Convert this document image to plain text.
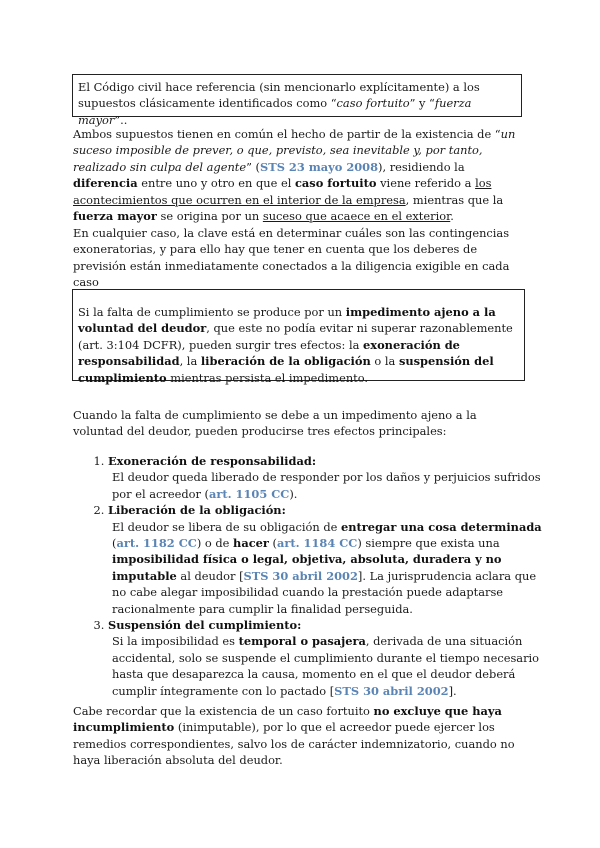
El Código civil hace referencia (sin mencionarlo explícitamente) a los supuestos clásicamente identificados como “caso fortuito” y “fuerza mayor”..

Ambos supuestos tienen en común el hecho de partir de la existencia de “un suceso imposible de prever, o que, previsto, sea inevitable y, por tanto, realizado sin culpa del agente” (STS 23 mayo 2008), residiendo la diferencia entre uno y otro en que el caso fortuito viene referido a los acontecimientos que ocurren en el interior de la empresa, mientras que la fuerza mayor se origina por un suceso que acaece en el exterior.

En cualquier caso, la clave está en determinar cuáles son las contingencias exoneratorias, y para ello hay que tener en cuenta que los deberes de previsión están inmediatamente conectados a la diligencia exigible en cada caso

Si la falta de cumplimiento se produce por un impedimento ajeno a la voluntad del deudor, que este no podía evitar ni superar razonablemente (art. 3:104 DCFR), pueden surgir tres efectos: la exoneración de responsabilidad, la liberación de la obligación o la suspensión del cumplimiento mientras persista el impedimento.

Cuando la falta de cumplimiento se debe a un impedimento ajeno a la voluntad del deudor, pueden producirse tres efectos principales:

1. Exoneración de responsabilidad:
El deudor queda liberado de responder por los daños y perjuicios sufridos por el acreedor (art. 1105 CC).
2. Liberación de la obligación:
El deudor se libera de su obligación de entregar una cosa determinada (art. 1182 CC) o de hacer (art. 1184 CC) siempre que exista una imposibilidad física o legal, objetiva, absoluta, duradera y no imputable al deudor [STS 30 abril 2002]. La jurisprudencia aclara que no cabe alegar imposibilidad cuando la prestación puede adaptarse racionalmente para cumplir la finalidad perseguida.
3. Suspensión del cumplimiento:
Si la imposibilidad es temporal o pasajera, derivada de una situación accidental, solo se suspende el cumplimiento durante el tiempo necesario hasta que desaparezca la causa, momento en el que el deudor deberá cumplir íntegramente con lo pactado [STS 30 abril 2002].

Cabe recordar que la existencia de un caso fortuito no excluye que haya incumplimiento (inimputable), por lo que el acreedor puede ejercer los remedios correspondientes, salvo los de carácter indemnizatorio, cuando no haya liberación absoluta del deudor.
